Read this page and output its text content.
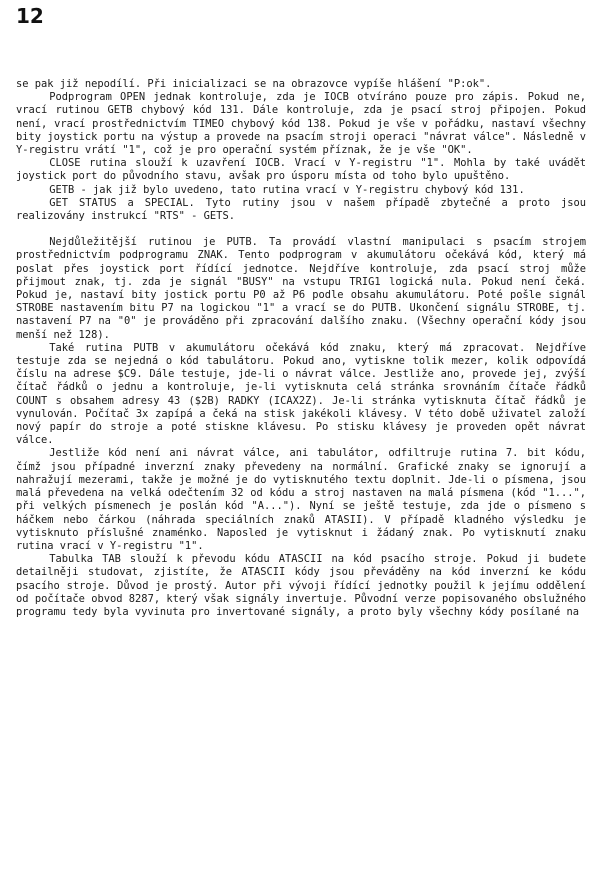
12

se pak již nepodílí. Při inicializaci se na obrazovce vypíše hlášení "P:ok".

Podprogram OPEN jednak kontroluje, zda je IOCB otvíráno pouze pro zápis. Pokud ne, vrací rutinou GETB chybový kód 131. Dále kontroluje, zda je psací stroj připojen. Pokud není, vrací prostřednictvím TIMEO chybový kód 138. Pokud je vše v pořádku, nastaví všechny bity joystick portu na výstup a provede na psacím stroji operaci "návrat válce". Následně v Y-registru vrátí "1", což je pro operační systém příznak, že je vše "OK".

CLOSE rutina slouží k uzavření IOCB. Vrací v Y-registru "1". Mohla by také uvádět joystick port do původního stavu, avšak pro úsporu místa od toho bylo upuštěno.

GETB - jak již bylo uvedeno, tato rutina vrací v Y-registru chybový kód 131.

GET STATUS a SPECIAL. Tyto rutiny jsou v našem případě zbytečné a proto jsou realizovány instrukcí "RTS" - GETS.

Nejdůležitější rutinou je PUTB. Ta provádí vlastní manipulaci s psacím strojem prostřednictvím podprogramu ZNAK. Tento podprogram v akumulátoru očekává kód, který má poslat přes joystick port řídící jednotce. Nejdříve kontroluje, zda psací stroj může přijmout znak, tj. zda je signál "BUSY" na vstupu TRIG1 logická nula. Pokud není čeká. Pokud je, nastaví bity jostick portu P0 až P6 podle obsahu akumulátoru. Poté pošle signál STROBE nastavením bitu P7 na logickou "1" a vrací se do PUTB. Ukončení signálu STROBE, tj. nastavení P7 na "0" je prováděno při zpracování dalšího znaku. (Všechny operační kódy jsou menší než 128).

Také rutina PUTB v akumulátoru očekává kód znaku, který má zpracovat. Nejdříve testuje zda se nejedná o kód tabulátoru. Pokud ano, vytiskne tolik mezer, kolik odpovídá číslu na adrese $C9. Dále testuje, jde-li o návrat válce. Jestliže ano, provede jej, zvýší čítač řádků o jednu a kontroluje, je-li vytisknuta celá stránka srovnáním čítače řádků COUNT s obsahem adresy 43 ($2B) RADKY (ICAX2Z). Je-li stránka vytisknuta čítač řádků je vynulován. Počítač 3x zapípá a čeká na stisk jakékoli klávesy. V této době uživatel založí nový papír do stroje a poté stiskne klávesu. Po stisku klávesy je proveden opět návrat válce.

Jestliže kód není ani návrat válce, ani tabulátor, odfiltruje rutina 7. bit kódu, čímž jsou případné inverzní znaky převedeny na normální. Grafické znaky se ignorují a nahražují mezerami, takže je možné je do vytisknutého textu doplnit. Jde-li o písmena, jsou malá převedena na velká odečtením 32 od kódu a stroj nastaven na malá písmena (kód "1...", při velkých písmenech je poslán kód "A..."). Nyní se ještě testuje, zda jde o písmeno s háčkem nebo čárkou (náhrada speciálních znaků ATASII). V případě kladného výsledku je vytisknuto příslušné znaménko. Naposled je vytisknut i žádaný znak. Po vytisknutí znaku rutina vrací v Y-registru "1".

Tabulka TAB slouží k převodu kódu ATASCII na kód psacího stroje. Pokud ji budete detailněji studovat, zjistíte, že ATASCII kódy jsou převáděny na kód inverzní ke kódu psacího stroje. Důvod je prostý. Autor při vývoji řídící jednotky použil k jejímu oddělení od počítače obvod 8287, který však signály invertuje. Původní verze popisovaného obslužného programu tedy byla vyvinuta pro invertované signály, a proto byly všechny kódy posílané na
